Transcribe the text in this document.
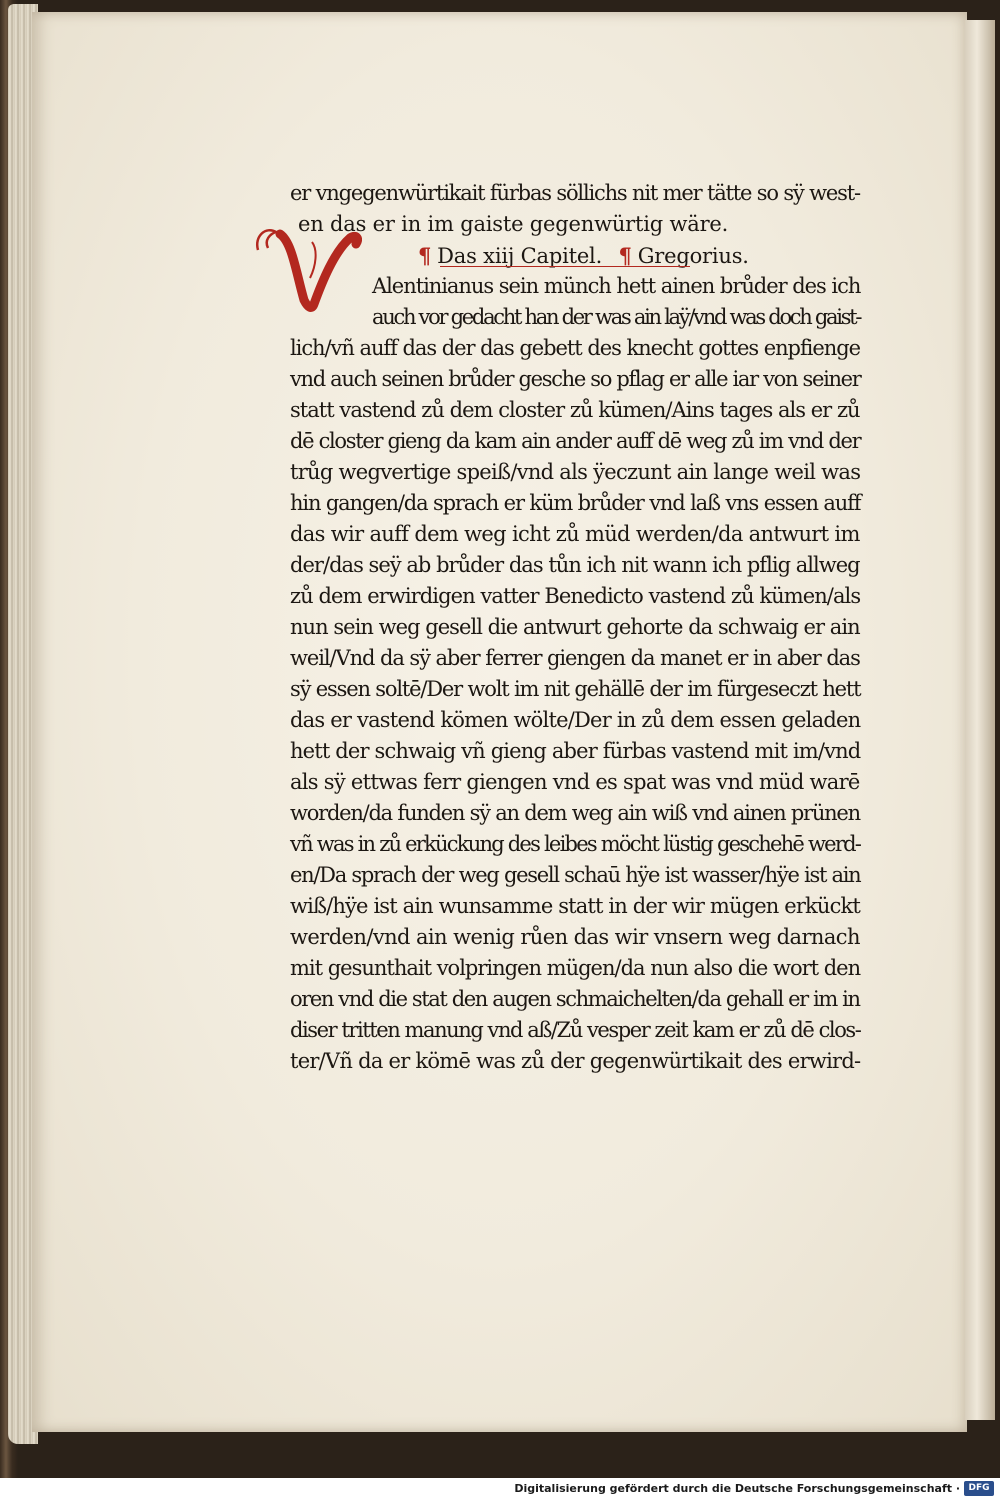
er vngegenwürtikait fürbas söllichs nit mer tätte so sÿ west-
en das er in im gaiste gegenwürtig wäre.
¶ Das xiij Capitel. ¶ Gregorius.
Alentinianus sein münch hett ainen brůder des ich
auch vor gedacht han der was ain laÿ/vnd was doch gaist-
lich/vñ auff das der das gebett des knecht gottes enpfienge
vnd auch seinen brůder gesche so pflag er alle iar von seiner
statt vastend zů dem closter zů kümen/Ains tages als er zů
dē closter gieng da kam ain ander auff dē weg zů im vnd der
trůg wegvertige speiß/vnd als ÿeczunt ain lange weil was
hin gangen/da sprach er küm brůder vnd laß vns essen auff
das wir auff dem weg icht zů müd werden/da antwurt im
der/das seÿ ab brůder das tůn ich nit wann ich pflig allweg
zů dem erwirdigen vatter Benedicto vastend zů kümen/als
nun sein weg gesell die antwurt gehorte da schwaig er ain
weil/Vnd da sÿ aber ferrer giengen da manet er in aber das
sÿ essen soltē/Der wolt im nit gehällē der im fürgeseczt hett
das er vastend kömen wölte/Der in zů dem essen geladen
hett der schwaig vñ gieng aber fürbas vastend mit im/vnd
als sÿ ettwas ferr giengen vnd es spat was vnd müd warē
worden/da funden sÿ an dem weg ain wiß vnd ainen prünen
vñ was in zů erkückung des leibes möcht lüstig geschehē werd-
en/Da sprach der weg gesell schaū hÿe ist wasser/hÿe ist ain
wiß/hÿe ist ain wunsamme statt in der wir mügen erkückt
werden/vnd ain wenig růen das wir vnsern weg darnach
mit gesunthait volpringen mügen/da nun also die wort den
oren vnd die stat den augen schmaichelten/da gehall er im in
diser tritten manung vnd aß/Zů vesper zeit kam er zů dē clos-
ter/Vñ da er kömē was zů der gegenwürtikait des erwird-
Digitalisierung gefördert durch die Deutsche Forschungsgemeinschaft · DFG
